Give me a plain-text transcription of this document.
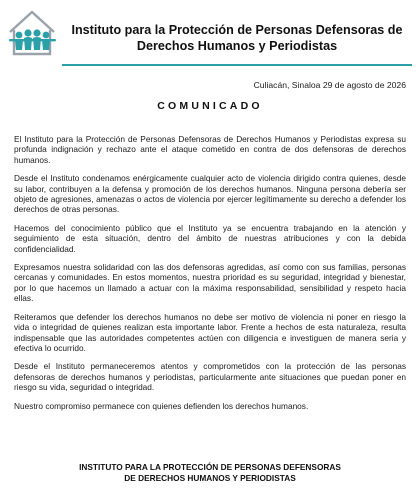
Instituto para la Protección de Personas Defensoras de
Derechos Humanos y Periodistas
Culiacán, Sinaloa 29 de agosto de 2026
COMUNICADO

El Instituto para la Protección de Personas Defensoras de Derechos Humanos y Periodistas expresa su profunda indignación y rechazo ante el ataque cometido en contra de dos defensoras de derechos humanos.

Desde el Instituto condenamos enérgicamente cualquier acto de violencia dirigido contra quienes, desde su labor, contribuyen a la defensa y promoción de los derechos humanos. Ninguna persona debería ser objeto de agresiones, amenazas o actos de violencia por ejercer legítimamente su derecho a defender los derechos de otras personas.

Hacemos del conocimiento público que el Instituto ya se encuentra trabajando en la atención y seguimiento de esta situación, dentro del ámbito de nuestras atribuciones y con la debida confidencialidad.

Expresamos nuestra solidaridad con las dos defensoras agredidas, así como con sus familias, personas cercanas y comunidades. En estos momentos, nuestra prioridad es su seguridad, integridad y bienestar, por lo que hacemos un llamado a actuar con la máxima responsabilidad, sensibilidad y respeto hacia ellas.

Reiteramos que defender los derechos humanos no debe ser motivo de violencia ni poner en riesgo la vida o integridad de quienes realizan esta importante labor. Frente a hechos de esta naturaleza, resulta indispensable que las autoridades competentes actúen con diligencia e investiguen de manera seria y efectiva lo ocurrido.

Desde el Instituto permaneceremos atentos y comprometidos con la protección de las personas defensoras de derechos humanos y periodistas, particularmente ante situaciones que puedan poner en riesgo su vida, seguridad o integridad.

Nuestro compromiso permanece con quienes defienden los derechos humanos.

INSTITUTO PARA LA PROTECCIÓN DE PERSONAS DEFENSORAS
DE DERECHOS HUMANOS Y PERIODISTAS
